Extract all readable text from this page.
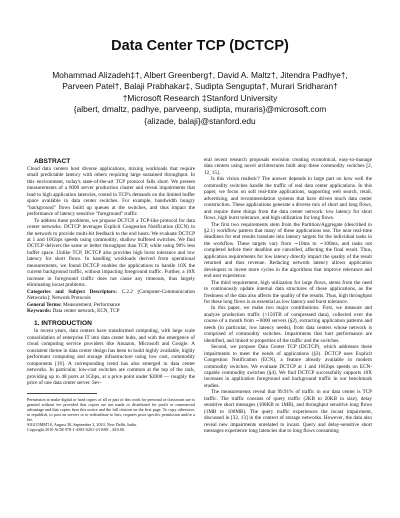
Data Center TCP (DCTCP)
Mohammad Alizadeh‡†, Albert Greenberg†, David A. Maltz†, Jitendra Padhye†,
Parveen Patel†, Balaji Prabhakar‡, Sudipta Sengupta†, Murari Sridharan†
†Microsoft Research ‡Stanford University
{albert, dmaltz, padhye, parveenp, sudipta, muraris}@microsoft.com
{alizade, balaji}@stanford.edu

ABSTRACT

Cloud data centers host diverse applications, mixing workloads that require small predictable latency with others requiring large sustained throughput. In this environment, today's state-of-the-art TCP protocol falls short. We present measurements of a 6000 server production cluster and reveal impairments that lead to high application latencies, rooted in TCP's demands on the limited buffer space available in data center switches. For example, bandwidth hungry "background" flows build up queues at the switches, and thus impact the performance of latency sensitive "foreground" traffic.

To address these problems, we propose DCTCP, a TCP-like protocol for data center networks. DCTCP leverages Explicit Congestion Notification (ECN) in the network to provide multi-bit feedback to the end hosts. We evaluate DCTCP at 1 and 10Gbps speeds using commodity, shallow buffered switches. We find DCTCP delivers the same or better throughput than TCP, while using 90% less buffer space. Unlike TCP, DCTCP also provides high burst tolerance and low latency for short flows. In handling workloads derived from operational measurements, we found DCTCP enables the applications to handle 10X the current background traffic, without impacting foreground traffic. Further, a 10X increase in foreground traffic does not cause any timeouts, thus largely eliminating incast problems.

Categories and Subject Descriptors: C.2.2 [Computer-Communication Networks]: Network Protocols

General Terms: Measurement, Performance

Keywords: Data center network, ECN, TCP

1. INTRODUCTION

In recent years, data centers have transformed computing, with large scale consolidation of enterprise IT into data center hubs, and with the emergence of cloud computing service providers like Amazon, Microsoft and Google. A consistent theme in data center design has been to build highly available, highly performant computing and storage infrastructure using low cost, commodity components [16]. A corresponding trend has also emerged in data center networks. In particular, low-cost switches are common at the top of the rack, providing up to 48 ports at 1Gbps, at a price point under $2000 — roughly the price of one data center server. Sev-

Permission to make digital or hard copies of all or part of this work for personal or classroom use is granted without fee provided that copies are not made or distributed for profit or commercial advantage and that copies bear this notice and the full citation on the first page. To copy otherwise, to republish, to post on servers or to redistribute to lists, requires prior specific permission and/or a fee.

SIGCOMM'10, August 30–September 3, 2010, New Delhi, India.

Copyright 2010 ACM 978-1-4503-0201-2/10/08 ...$10.00.

eral recent research proposals envision creating economical, easy-to-manage data centers using novel architectures built atop these commodity switches [2, 12, 15].

Is this vision realistic? The answer depends in large part on how well the commodity switches handle the traffic of real data center applications. In this paper, we focus on soft real-time applications, supporting web search, retail, advertising, and recommendation systems that have driven much data center construction. These applications generate a diverse mix of short and long flows, and require three things from the data center network: low latency for short flows, high burst tolerance, and high utilization for long flows.

The first two requirements stem from the Partition/Aggregate (described in §2.1) workflow pattern that many of these applications use. The near real-time deadlines for end results translate into latency targets for the individual tasks in the workflow. These targets vary from ∼10ms to ∼100ms, and tasks not completed before their deadline are cancelled, affecting the final result. Thus, application requirements for low latency directly impact the quality of the result returned and thus revenue. Reducing network latency allows application developers to invest more cycles in the algorithms that improve relevance and end user experience.

The third requirement, high utilization for large flows, stems from the need to continuously update internal data structures of these applications, as the freshness of the data also affects the quality of the results. Thus, high throughput for these long flows is as essential as low latency and burst tolerance.

In this paper, we make two major contributions. First, we measure and analyze production traffic (>150TB of compressed data), collected over the course of a month from ∼6000 servers (§2), extracting application patterns and needs (in particular, low latency needs), from data centers whose network is comprised of commodity switches. Impairments that hurt performance are identified, and linked to properties of the traffic and the switches.

Second, we propose Data Center TCP (DCTCP), which addresses these impairments to meet the needs of applications (§3). DCTCP uses Explicit Congestion Notification (ECN), a feature already available in modern commodity switches. We evaluate DCTCP at 1 and 10Gbps speeds on ECN-capable commodity switches (§4). We find DCTCP successfully supports 10X increases in application foreground and background traffic in our benchmark studies.

The measurements reveal that 99.91% of traffic in our data center is TCP traffic. The traffic consists of query traffic (2KB to 20KB in size), delay sensitive short messages (100KB to 1MB), and throughput sensitive long flows (1MB to 100MB). The query traffic experiences the incast impairment, discussed in [32, 13] in the context of storage networks. However, the data also reveal new impairments unrelated to incast. Query and delay-sensitive short messages experience long latencies due to long flows consuming
